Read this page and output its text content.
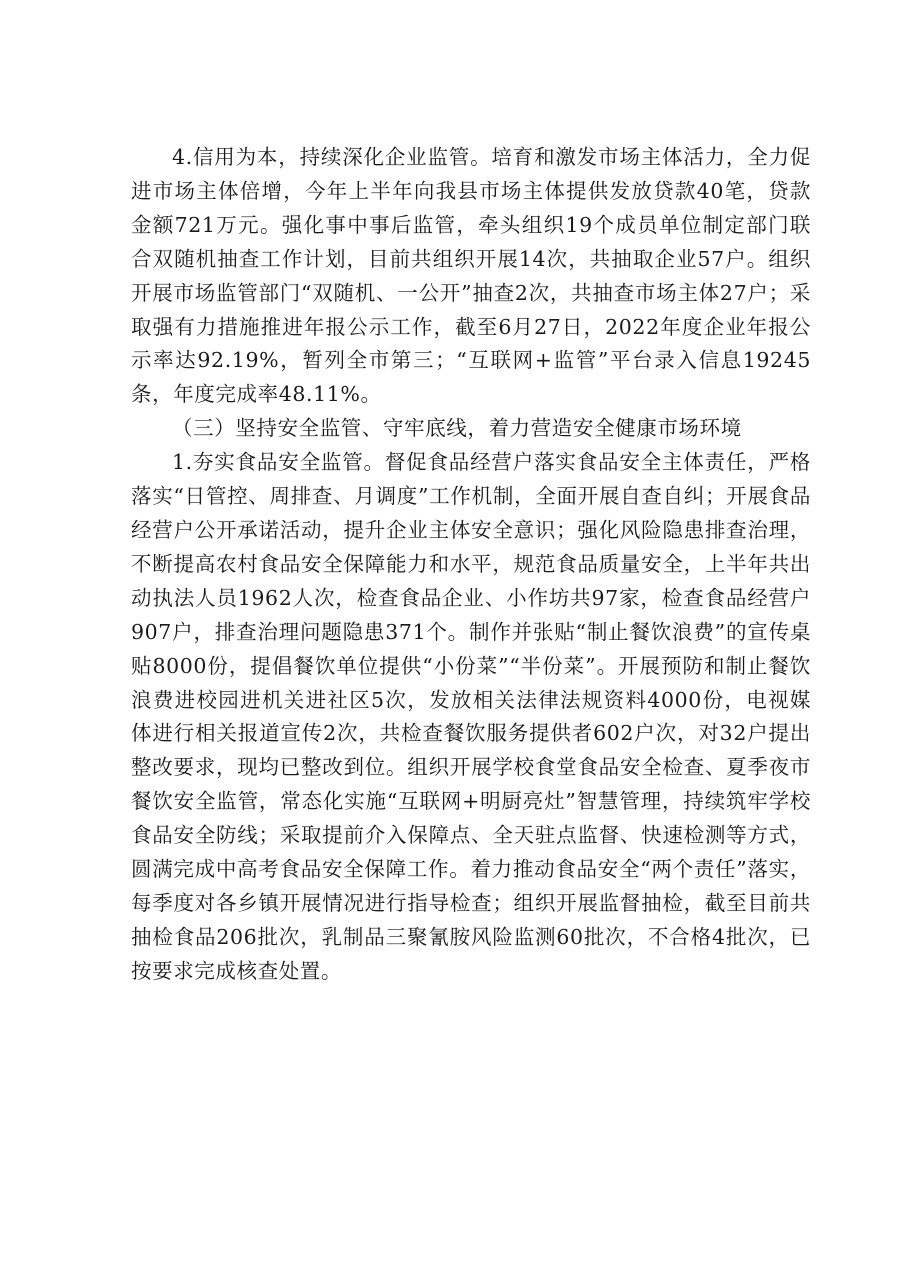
4.信用为本，持续深化企业监管。培育和激发市场主体活力，全力促进市场主体倍增，今年上半年向我县市场主体提供发放贷款40笔，贷款金额721万元。强化事中事后监管，牵头组织19个成员单位制定部门联合双随机抽查工作计划，目前共组织开展14次，共抽取企业57户。组织开展市场监管部门“双随机、一公开”抽查2次，共抽查市场主体27户；采取强有力措施推进年报公示工作，截至6月27日，2022年度企业年报公示率达92.19%，暂列全市第三；“互联网+监管”平台录入信息19245条，年度完成率48.11%。

（三）坚持安全监管、守牢底线，着力营造安全健康市场环境

1.夯实食品安全监管。督促食品经营户落实食品安全主体责任，严格落实“日管控、周排查、月调度”工作机制，全面开展自查自纠；开展食品经营户公开承诺活动，提升企业主体安全意识；强化风险隐患排查治理，不断提高农村食品安全保障能力和水平，规范食品质量安全，上半年共出动执法人员1962人次，检查食品企业、小作坊共97家，检查食品经营户907户，排查治理问题隐患371个。制作并张贴“制止餐饮浪费”的宣传桌贴8000份，提倡餐饮单位提供“小份菜”“半份菜”。开展预防和制止餐饮浪费进校园进机关进社区5次，发放相关法律法规资料4000份，电视媒体进行相关报道宣传2次，共检查餐饮服务提供者602户次，对32户提出整改要求，现均已整改到位。组织开展学校食堂食品安全检查、夏季夜市餐饮安全监管，常态化实施“互联网+明厨亮灶”智慧管理，持续筑牢学校食品安全防线；采取提前介入保障点、全天驻点监督、快速检测等方式，圆满完成中高考食品安全保障工作。着力推动食品安全“两个责任”落实，每季度对各乡镇开展情况进行指导检查；组织开展监督抽检，截至目前共抽检食品206批次，乳制品三聚氰胺风险监测60批次，不合格4批次，已按要求完成核查处置。
